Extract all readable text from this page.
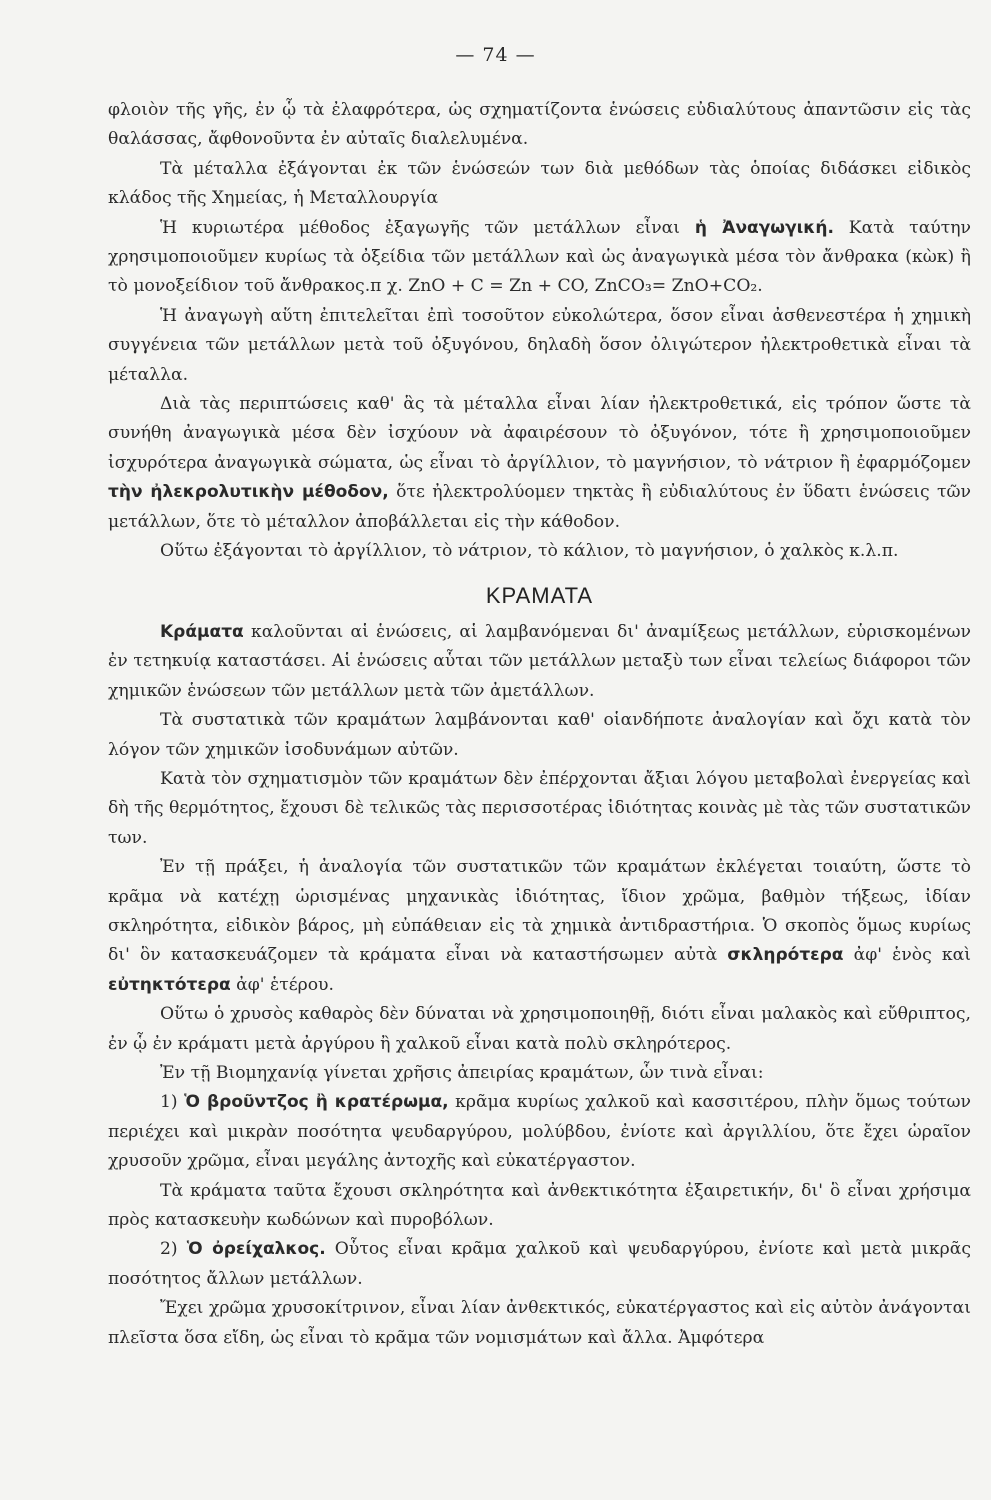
— 74 —

φλοιὸν τῆς γῆς, ἐν ᾧ τὰ ἐλαφρότερα, ὡς σχηματίζοντα ἑνώσεις εὐδιαλύτους ἀπαντῶσιν εἰς τὰς θαλάσσας, ἄφθονοῦντα ἐν αὐταῖς διαλελυμένα.

Τὰ μέταλλα ἐξάγονται ἐκ τῶν ἑνώσεών των διὰ μεθόδων τὰς ὁποίας διδάσκει εἰδικὸς κλάδος τῆς Χημείας, ἡ Μεταλλουργία

Ἡ κυριωτέρα μέθοδος ἐξαγωγῆς τῶν μετάλλων εἶναι ἡ Ἀναγωγική. Κατὰ ταύτην χρησιμοποιοῦμεν κυρίως τὰ ὀξείδια τῶν μετάλλων καὶ ὡς ἀναγωγικὰ μέσα τὸν ἄνθρακα (κὼκ) ἢ τὸ μονοξείδιον τοῦ ἄνθρακος.π χ. ZnO + C = Zn + CO, ZnCO₃= ZnO+CO₂.

Ἡ ἀναγωγὴ αὕτη ἐπιτελεῖται ἐπὶ τοσοῦτον εὐκολώτερα, ὅσον εἶναι ἀσθενεστέρα ἡ χημικὴ συγγένεια τῶν μετάλλων μετὰ τοῦ ὀξυγόνου, δηλαδὴ ὅσον ὀλιγώτερον ἠλεκτροθετικὰ εἶναι τὰ μέταλλα.

Διὰ τὰς περιπτώσεις καθ' ἃς τὰ μέταλλα εἶναι λίαν ἠλεκτροθετικά, εἰς τρόπον ὥστε τὰ συνήθη ἀναγωγικὰ μέσα δὲν ἰσχύουν νὰ ἀφαιρέσουν τὸ ὀξυγόνον, τότε ἢ χρησιμοποιοῦμεν ἰσχυρότερα ἀναγωγικὰ σώματα, ὡς εἶναι τὸ ἀργίλλιον, τὸ μαγνήσιον, τὸ νάτριον ἢ ἐφαρμόζομεν τὴν ἠλεκρολυτικὴν μέθοδον, ὅτε ἠλεκτρολύομεν τηκτὰς ἢ εὐδιαλύτους ἐν ὕδατι ἑνώσεις τῶν μετάλλων, ὅτε τὸ μέταλλον ἀποβάλλεται εἰς τὴν κάθοδον.

Οὕτω ἐξάγονται τὸ ἀργίλλιον, τὸ νάτριον, τὸ κάλιον, τὸ μαγνήσιον, ὁ χαλκὸς κ.λ.π.

ΚΡΑΜΑΤΑ

Κράματα καλοῦνται αἱ ἑνώσεις, αἱ λαμβανόμεναι δι' ἀναμίξεως μετάλλων, εὑρισκομένων ἐν τετηκυίᾳ καταστάσει. Αἱ ἑνώσεις αὗται τῶν μετάλλων μεταξὺ των εἶναι τελείως διάφοροι τῶν χημικῶν ἑνώσεων τῶν μετάλλων μετὰ τῶν ἀμετάλλων.

Τὰ συστατικὰ τῶν κραμάτων λαμβάνονται καθ' οἱανδήποτε ἀναλογίαν καὶ ὄχι κατὰ τὸν λόγον τῶν χημικῶν ἰσοδυνάμων αὐτῶν.

Κατὰ τὸν σχηματισμὸν τῶν κραμάτων δὲν ἐπέρχονται ἄξιαι λόγου μεταβολαὶ ἐνεργείας καὶ δὴ τῆς θερμότητος, ἔχουσι δὲ τελικῶς τὰς περισσοτέρας ἰδιότητας κοινὰς μὲ τὰς τῶν συστατικῶν των.

Ἐν τῇ πράξει, ἡ ἀναλογία τῶν συστατικῶν τῶν κραμάτων ἐκλέγεται τοιαύτη, ὥστε τὸ κρᾶμα νὰ κατέχῃ ὡρισμένας μηχανικὰς ἰδιότητας, ἴδιον χρῶμα, βαθμὸν τήξεως, ἰδίαν σκληρότητα, εἰδικὸν βάρος, μὴ εὐπάθειαν εἰς τὰ χημικὰ ἀντιδραστήρια. Ὁ σκοπὸς ὅμως κυρίως δι' ὃν κατασκευάζομεν τὰ κράματα εἶναι νὰ καταστήσωμεν αὐτὰ σκληρότερα ἀφ' ἑνὸς καὶ εὐτηκτότερα ἀφ' ἑτέρου.

Οὕτω ὁ χρυσὸς καθαρὸς δὲν δύναται νὰ χρησιμοποιηθῇ, διότι εἶναι μαλακὸς καὶ εὔθριπτος, ἐν ᾧ ἐν κράματι μετὰ ἀργύρου ἢ χαλκοῦ εἶναι κατὰ πολὺ σκληρότερος.

Ἐν τῇ Βιομηχανίᾳ γίνεται χρῆσις ἀπειρίας κραμάτων, ὧν τινὰ εἶναι:

1) Ὁ βροῦντζος ἢ κρατέρωμα, κρᾶμα κυρίως χαλκοῦ καὶ κασσιτέρου, πλὴν ὅμως τούτων περιέχει καὶ μικρὰν ποσότητα ψευδαργύρου, μολύβδου, ἐνίοτε καὶ ἀργιλλίου, ὅτε ἔχει ὡραῖον χρυσοῦν χρῶμα, εἶναι μεγάλης ἀντοχῆς καὶ εὐκατέργαστον.

Τὰ κράματα ταῦτα ἔχουσι σκληρότητα καὶ ἀνθεκτικότητα ἐξαιρετικήν, δι' ὃ εἶναι χρήσιμα πρὸς κατασκευὴν κωδώνων καὶ πυροβόλων.

2) Ὁ ὀρείχαλκος. Οὗτος εἶναι κρᾶμα χαλκοῦ καὶ ψευδαργύρου, ἐνίοτε καὶ μετὰ μικρᾶς ποσότητος ἄλλων μετάλλων.

Ἔχει χρῶμα χρυσοκίτρινον, εἶναι λίαν ἀνθεκτικός, εὐκατέργαστος καὶ εἰς αὐτὸν ἀνάγονται πλεῖστα ὅσα εἴδη, ὡς εἶναι τὸ κρᾶμα τῶν νομισμάτων καὶ ἄλλα. Ἀμφότερα
